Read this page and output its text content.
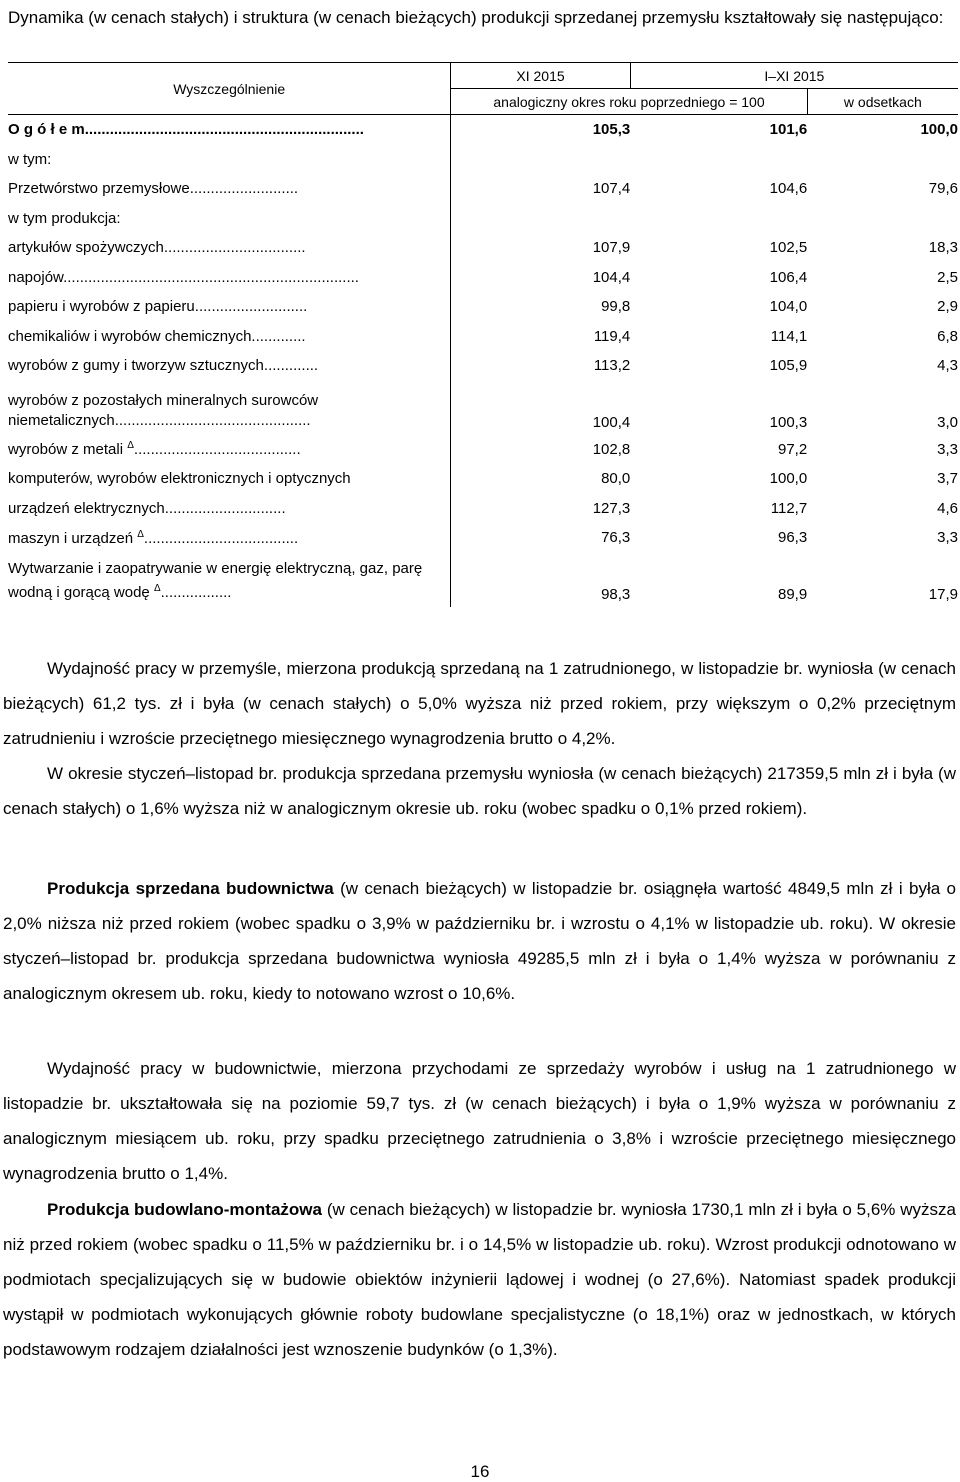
Dynamika (w cenach stałych) i struktura (w cenach bieżących) produkcji sprzedanej przemysłu kształtowały się następująco:
Wyszczególnienie	XI 2015	I–XI 2015	
	analogiczny okres roku poprzedniego = 100		w odsetkach
O g ó ł e m...................................................................	105,3	101,6	100,0
w tym:			
Przetwórstwo przemysłowe..........................	107,4	104,6	79,6
w tym produkcja:			
artykułów spożywczych..................................	107,9	102,5	18,3
napojów.......................................................................	104,4	106,4	2,5
papieru i wyrobów z papieru...........................	99,8	104,0	2,9
chemikaliów i wyrobów chemicznych.............	119,4	114,1	6,8
wyrobów z gumy i tworzyw sztucznych.............	113,2	105,9	4,3
wyrobów z pozostałych mineralnych surowców niemetalicznych...............................................	100,4	100,3	3,0
wyrobów z metali $^\Delta$........................................	102,8	97,2	3,3
komputerów, wyrobów elektronicznych i optycznych	80,0	100,0	3,7
urządzeń elektrycznych.............................	127,3	112,7	4,6
maszyn i urządzeń $^\Delta$.....................................	76,3	96,3	3,3
Wytwarzanie i zaopatrywanie w energię elektryczną, gaz, parę wodną i gorącą wodę $^\Delta$.................	98,3	89,9	17,9
Wydajność pracy w przemyśle, mierzona produkcją sprzedaną na 1 zatrudnionego, w listopadzie br. wyniosła (w cenach bieżących) 61,2 tys. zł i była (w cenach stałych) o 5,0% wyższa niż przed rokiem, przy większym o 0,2% przeciętnym zatrudnieniu i wzroście przeciętnego miesięcznego wynagrodzenia brutto o 4,2%.
W okresie styczeń–listopad br. produkcja sprzedana przemysłu wyniosła (w cenach bieżących) 217359,5 mln zł i była (w cenach stałych) o 1,6% wyższa niż w analogicznym okresie ub. roku (wobec spadku o 0,1% przed rokiem).
Produkcja sprzedana budownictwa (w cenach bieżących) w listopadzie br. osiągnęła wartość 4849,5 mln zł i była o 2,0% niższa niż przed rokiem (wobec spadku o 3,9% w październiku br. i wzrostu o 4,1% w listopadzie ub. roku). W okresie styczeń–listopad br. produkcja sprzedana budownictwa wyniosła 49285,5 mln zł i była o 1,4% wyższa w porównaniu z analogicznym okresem ub. roku, kiedy to notowano wzrost o 10,6%.
Wydajność pracy w budownictwie, mierzona przychodami ze sprzedaży wyrobów i usług na 1 zatrudnionego w listopadzie br. ukształtowała się na poziomie 59,7 tys. zł (w cenach bieżących) i była o 1,9% wyższa w porównaniu z analogicznym miesiącem ub. roku, przy spadku przeciętnego zatrudnienia o 3,8% i wzroście przeciętnego miesięcznego wynagrodzenia brutto o 1,4%.
Produkcja budowlano-montażowa (w cenach bieżących) w listopadzie br. wyniosła 1730,1 mln zł i była o 5,6% wyższa niż przed rokiem (wobec spadku o 11,5% w październiku br. i o 14,5% w listopadzie ub. roku). Wzrost produkcji odnotowano w podmiotach specjalizujących się w budowie obiektów inżynierii lądowej i wodnej (o 27,6%). Natomiast spadek produkcji wystąpił w podmiotach wykonujących głównie roboty budowlane specjalistyczne (o 18,1%) oraz w jednostkach, w których podstawowym rodzajem działalności jest wznoszenie budynków (o 1,3%).
16
